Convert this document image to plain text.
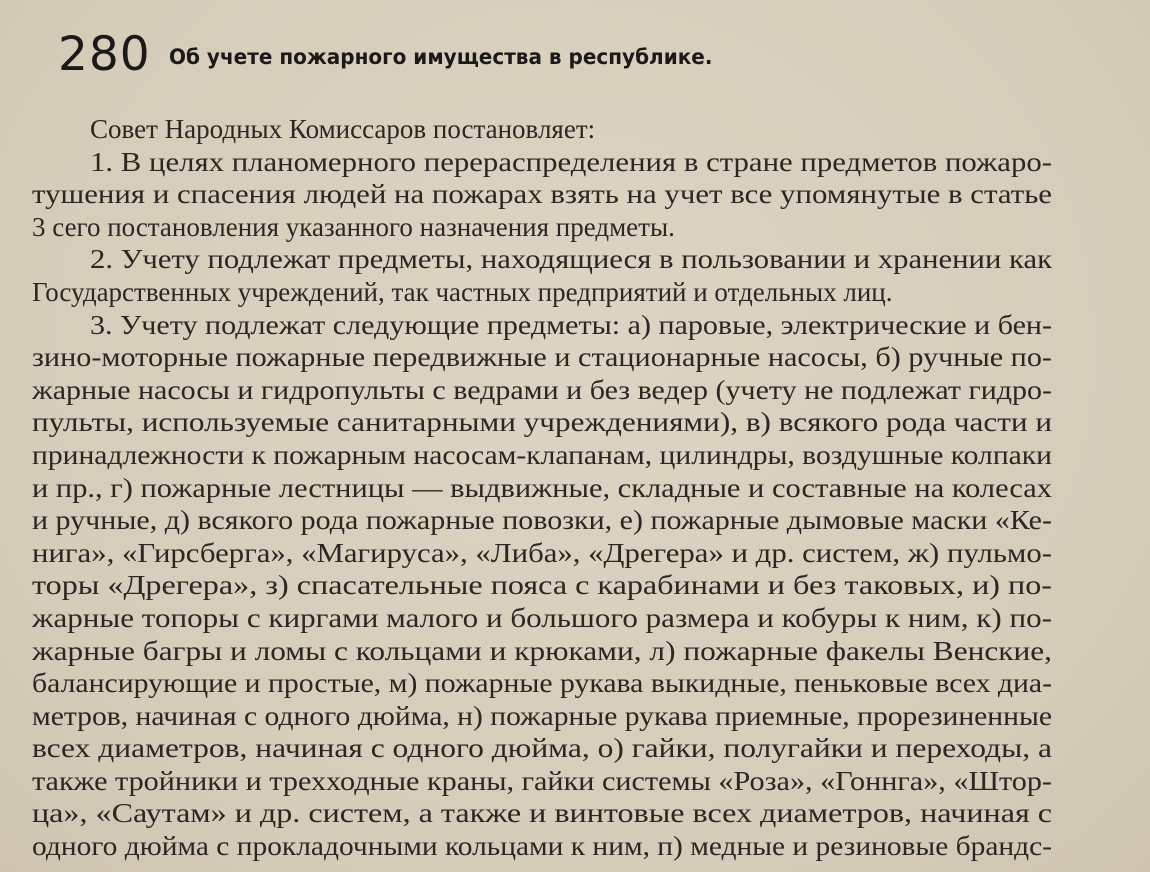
280 Об учете пожарного имущества в республике.
Совет Народных Комиссаров постановляет:
1. В целях планомерного перераспределения в стране предметов пожаро-
тушения и спасения людей на пожарах взять на учет все упомянутые в статье
3 сего постановления указанного назначения предметы.
2. Учету подлежат предметы, находящиеся в пользовании и хранении как
Государственных учреждений, так частных предприятий и отдельных лиц.
3. Учету подлежат следующие предметы: а) паровые, электрические и бен-
зино-моторные пожарные передвижные и стационарные насосы, б) ручные по-
жарные насосы и гидропульты с ведрами и без ведер (учету не подлежат гидро-
пульты, используемые санитарными учреждениями), в) всякого рода части и
принадлежности к пожарным насосам-клапанам, цилиндры, воздушные колпаки
и пр., г) пожарные лестницы — выдвижные, складные и составные на колесах
и ручные, д) всякого рода пожарные повозки, е) пожарные дымовые маски «Ке-
нига», «Гирсберга», «Магируса», «Либа», «Дрегера» и др. систем, ж) пульмо-
торы «Дрегера», з) спасательные пояса с карабинами и без таковых, и) по-
жарные топоры с киргами малого и большого размера и кобуры к ним, к) по-
жарные багры и ломы с кольцами и крюками, л) пожарные факелы Венские,
балансирующие и простые, м) пожарные рукава выкидные, пеньковые всех диа-
метров, начиная с одного дюйма, н) пожарные рукава приемные, прорезиненные
всех диаметров, начиная с одного дюйма, о) гайки, полугайки и переходы, а
также тройники и трехходные краны, гайки системы «Роза», «Гоннга», «Штор-
ца», «Саутам» и др. систем, а также и винтовые всех диаметров, начиная с
одного дюйма с прокладочными кольцами к ним, п) медные и резиновые брандс-
